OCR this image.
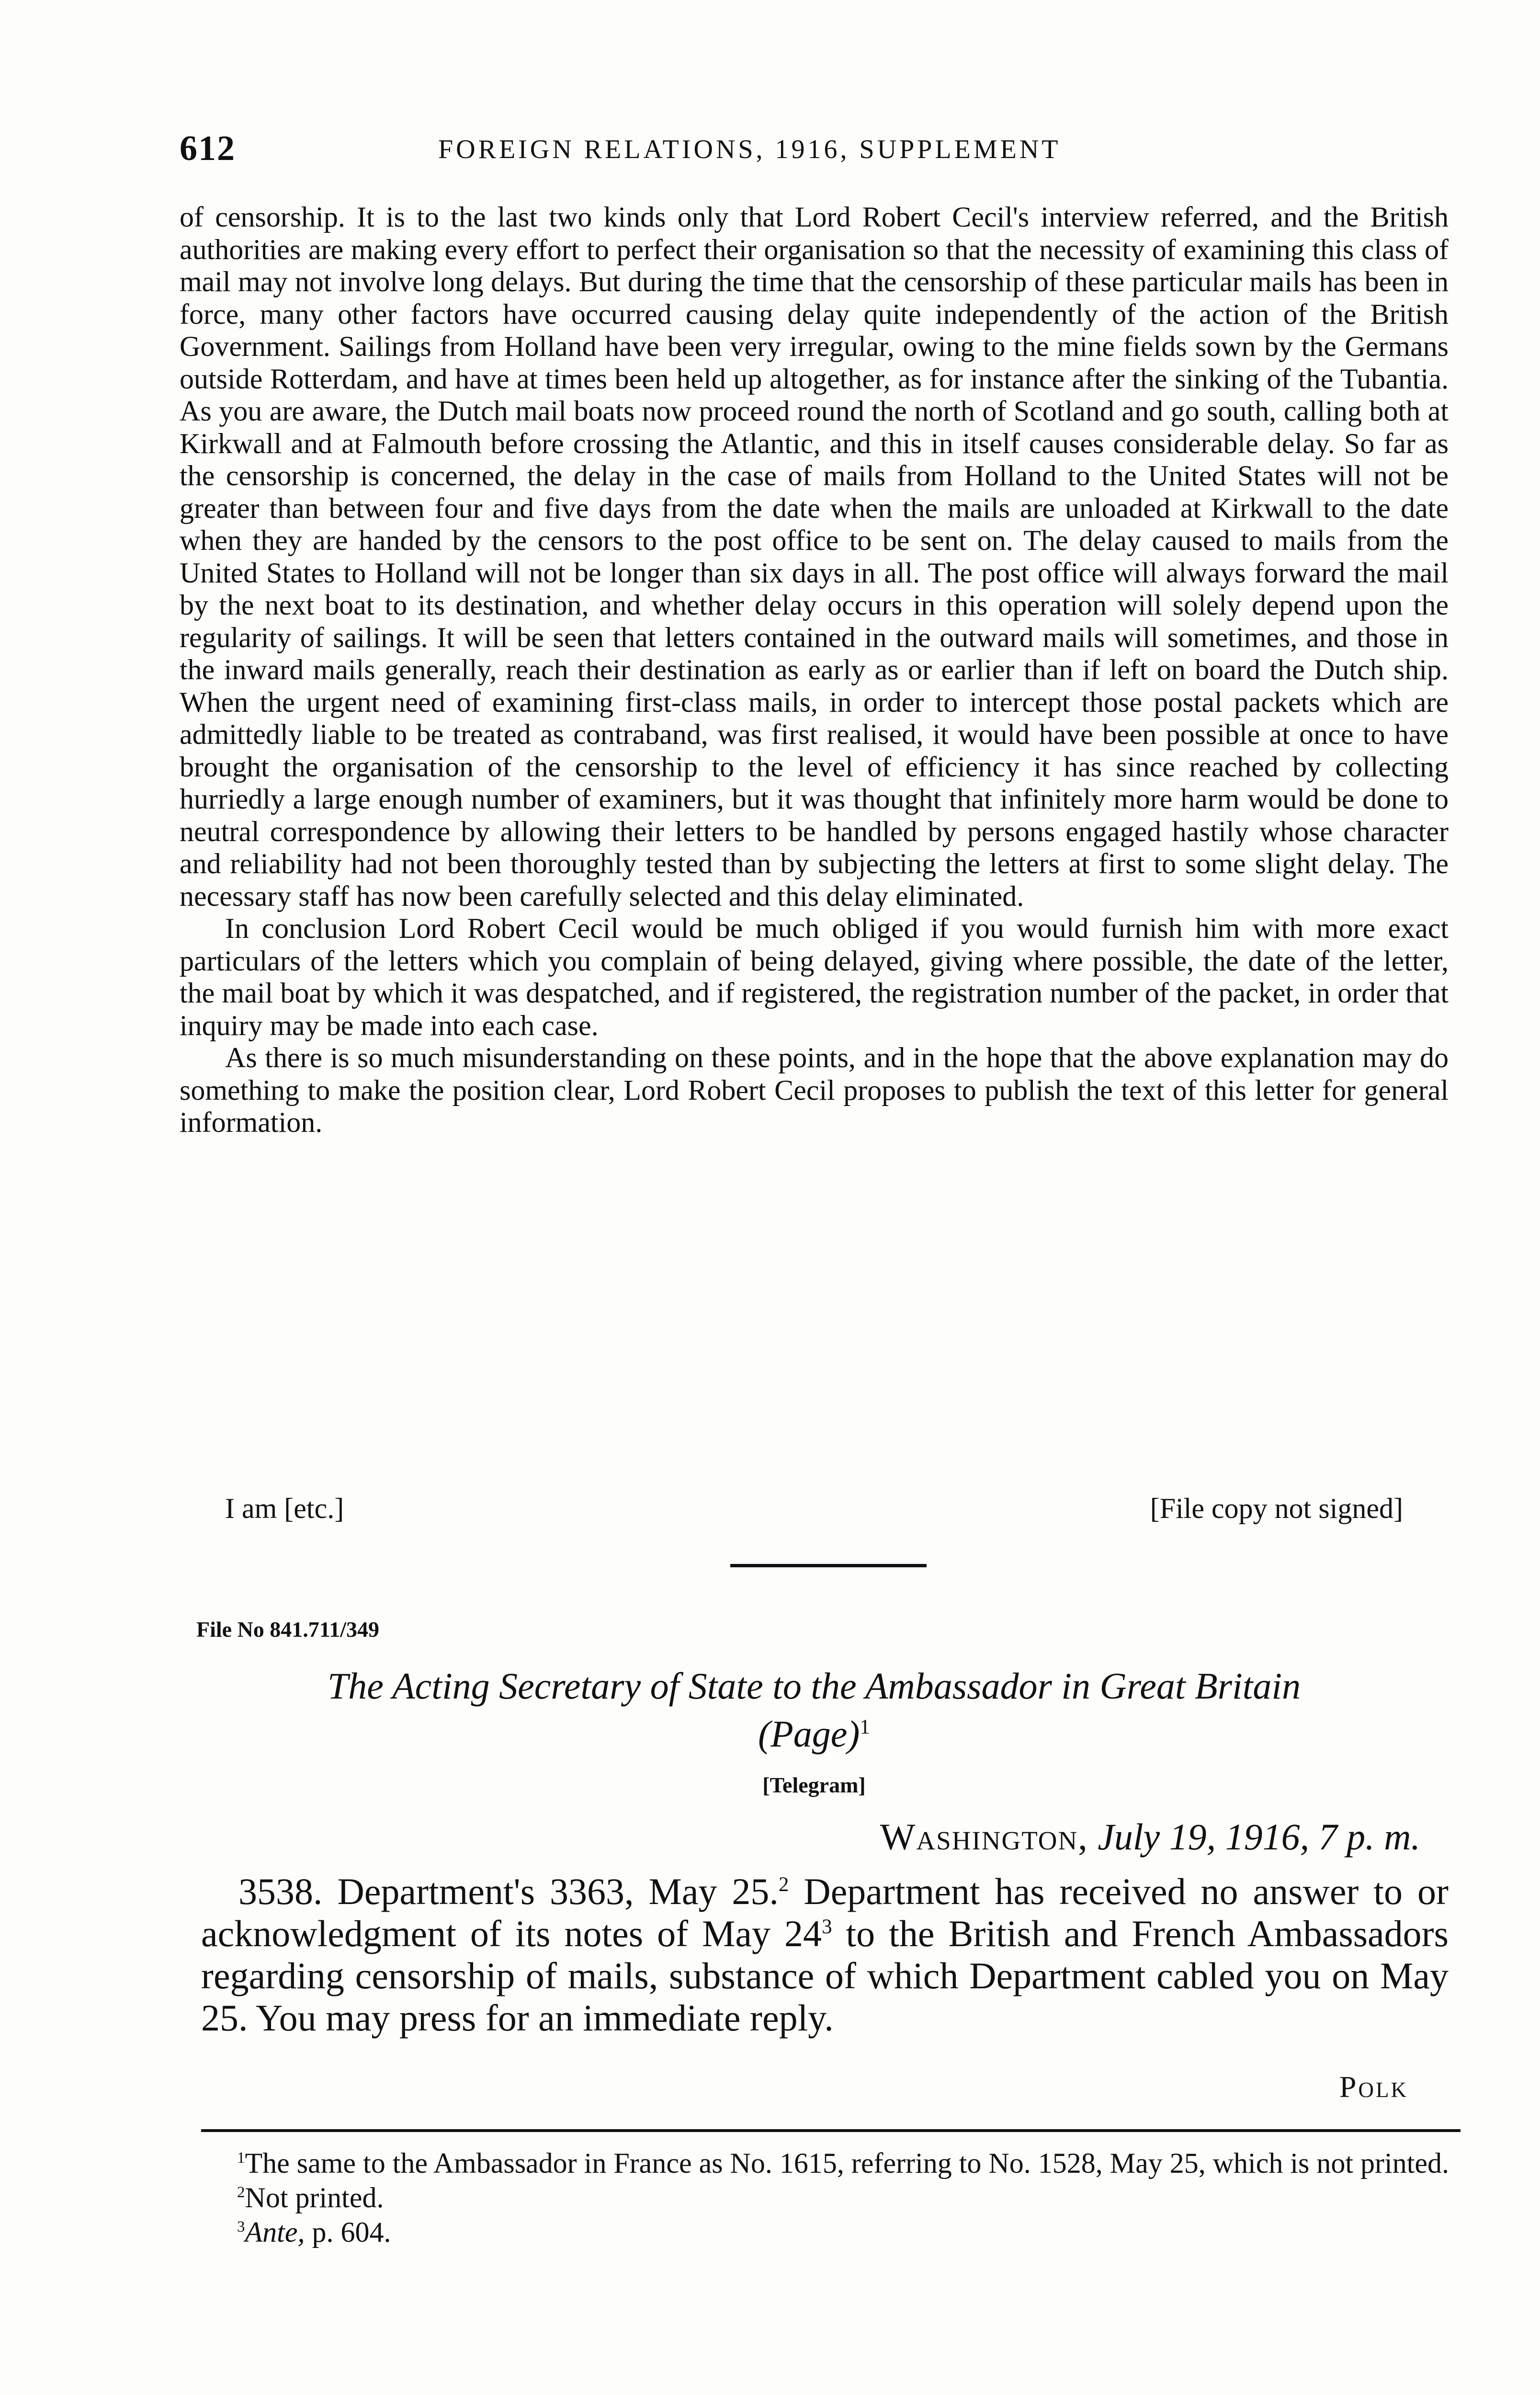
612	FOREIGN RELATIONS, 1916, SUPPLEMENT

of censorship. It is to the last two kinds only that Lord Robert Cecil's interview referred, and the British authorities are making every effort to perfect their organisation so that the necessity of examining this class of mail may not involve long delays. But during the time that the censorship of these particular mails has been in force, many other factors have occurred causing delay quite independently of the action of the British Government. Sailings from Holland have been very irregular, owing to the mine fields sown by the Germans outside Rotterdam, and have at times been held up altogether, as for instance after the sinking of the Tubantia. As you are aware, the Dutch mail boats now proceed round the north of Scotland and go south, calling both at Kirkwall and at Falmouth before crossing the Atlantic, and this in itself causes considerable delay. So far as the censorship is concerned, the delay in the case of mails from Holland to the United States will not be greater than between four and five days from the date when the mails are unloaded at Kirkwall to the date when they are handed by the censors to the post office to be sent on. The delay caused to mails from the United States to Holland will not be longer than six days in all. The post office will always forward the mail by the next boat to its destination, and whether delay occurs in this operation will solely depend upon the regularity of sailings. It will be seen that letters contained in the outward mails will sometimes, and those in the inward mails generally, reach their destination as early as or earlier than if left on board the Dutch ship. When the urgent need of examining first-class mails, in order to intercept those postal packets which are admittedly liable to be treated as contraband, was first realised, it would have been possible at once to have brought the organisation of the censorship to the level of efficiency it has since reached by collecting hurriedly a large enough number of examiners, but it was thought that infinitely more harm would be done to neutral correspondence by allowing their letters to be handled by persons engaged hastily whose character and reliability had not been thoroughly tested than by subjecting the letters at first to some slight delay. The necessary staff has now been carefully selected and this delay eliminated.

In conclusion Lord Robert Cecil would be much obliged if you would furnish him with more exact particulars of the letters which you complain of being delayed, giving where possible, the date of the letter, the mail boat by which it was despatched, and if registered, the registration number of the packet, in order that inquiry may be made into each case.

As there is so much misunderstanding on these points, and in the hope that the above explanation may do something to make the position clear, Lord Robert Cecil proposes to publish the text of this letter for general information.

I am [etc.]	[File copy not signed]
File No 841.711/349
The Acting Secretary of State to the Ambassador in Great Britain
(Page)$^1$
[Telegram]
Washington, July 19, 1916, 7 p. m.

3538. Department's 3363, May 25.$^2$ Department has received no answer to or acknowledgment of its notes of May $24^3$ to the British and French Ambassadors regarding censorship of mails, substance of which Department cabled you on May 25. You may press for an immediate reply.

Polk

$^1$The same to the Ambassador in France as No. 1615, referring to No. 1528, May 25, which is not printed.

$^2$Not printed.

$^3$Ante, p. 604.
